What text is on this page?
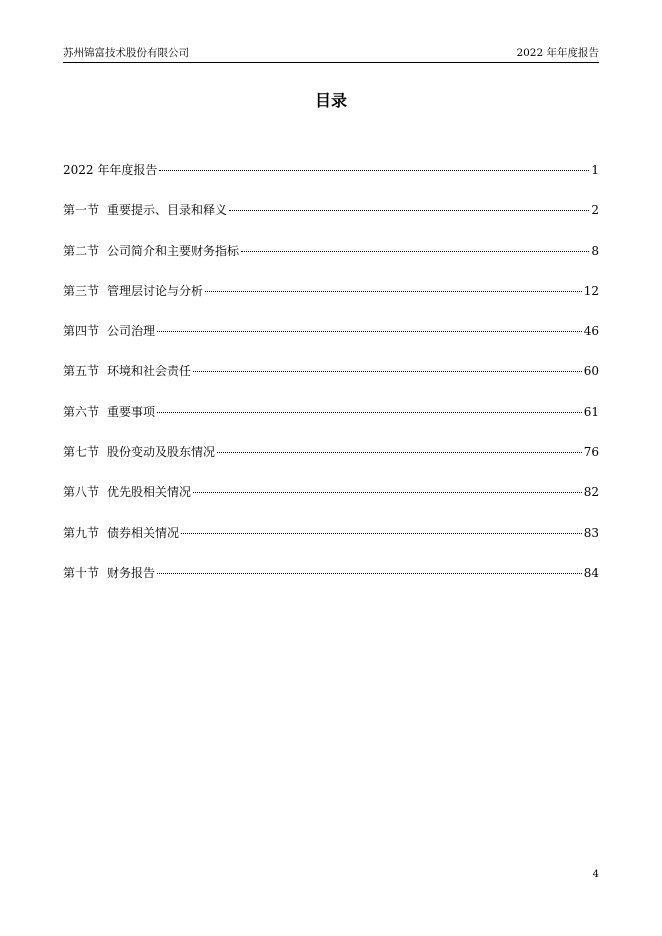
苏州锦富技术股份有限公司	2022 年年度报告
目录
2022 年年度报告	1
第一节 重要提示、目录和释义	2
第二节 公司简介和主要财务指标	8
第三节 管理层讨论与分析	12
第四节 公司治理	46
第五节 环境和社会责任	60
第六节 重要事项	61
第七节 股份变动及股东情况	76
第八节 优先股相关情况	82
第九节 债券相关情况	83
第十节 财务报告	84
4
